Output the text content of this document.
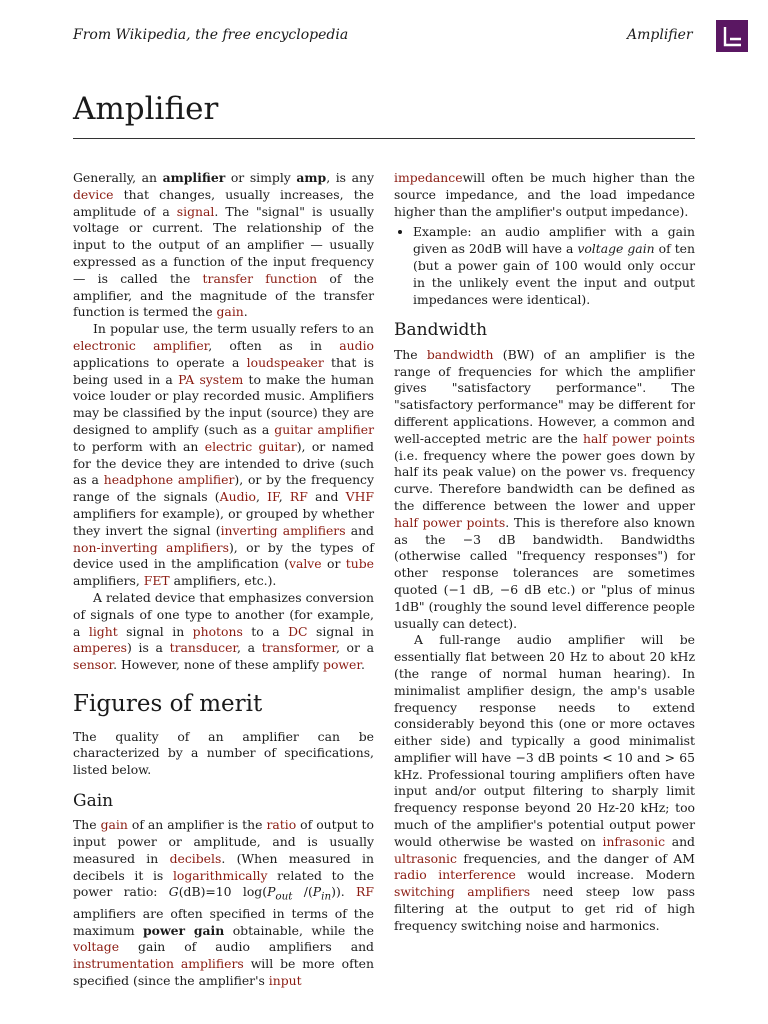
From Wikipedia, the free encyclopedia	Amplifier
Amplifier

Generally, an amplifier or simply amp, is any device that changes, usually increases, the amplitude of a signal. The "signal" is usually voltage or current. The relationship of the input to the output of an amplifier — usually expressed as a function of the input frequency — is called the transfer function of the amplifier, and the magnitude of the transfer function is termed the gain.

In popular use, the term usually refers to an electronic amplifier, often as in audio applications to operate a loudspeaker that is being used in a PA system to make the human voice louder or play recorded music. Amplifiers may be classified by the input (source) they are designed to amplify (such as a guitar amplifier to perform with an electric guitar), or named for the device they are intended to drive (such as a headphone amplifier), or by the frequency range of the signals (Audio, IF, RF and VHF amplifiers for example), or grouped by whether they invert the signal (inverting amplifiers and non-inverting amplifiers), or by the types of device used in the amplification (valve or tube amplifiers, FET amplifiers, etc.).

A related device that emphasizes conversion of signals of one type to another (for example, a light signal in photons to a DC signal in amperes) is a transducer, a transformer, or a sensor. However, none of these amplify power.

Figures of merit

The quality of an amplifier can be characterized by a number of specifications, listed below.

Gain

The gain of an amplifier is the ratio of output to input power or amplitude, and is usually measured in decibels. (When measured in decibels it is logarithmically related to the power ratio: G(dB)=10 $\log(P_{out}$ $/(P_{in})$). RF amplifiers are often specified in terms of the maximum power gain obtainable, while the voltage gain of audio amplifiers and instrumentation amplifiers will be more often specified (since the amplifier's input

impedancewill often be much higher than the source impedance, and the load impedance higher than the amplifier's output impedance).

• Example: an audio amplifier with a gain given as 20dB will have a voltage gain of ten (but a power gain of 100 would only occur in the unlikely event the input and output impedances were identical).
Bandwidth

The bandwidth (BW) of an amplifier is the range of frequencies for which the amplifier gives "satisfactory performance". The "satisfactory performance" may be different for different applications. However, a common and well-accepted metric are the half power points (i.e. frequency where the power goes down by half its peak value) on the power vs. frequency curve. Therefore bandwidth can be defined as the difference between the lower and upper half power points. This is therefore also known as the −3 dB bandwidth. Bandwidths (otherwise called "frequency responses") for other response tolerances are sometimes quoted (−1 dB, −6 dB etc.) or "plus of minus 1dB" (roughly the sound level difference people usually can detect).

A full-range audio amplifier will be essentially flat between 20 Hz to about 20 kHz (the range of normal human hearing). In minimalist amplifier design, the amp's usable frequency response needs to extend considerably beyond this (one or more octaves either side) and typically a good minimalist amplifier will have −3 dB points < 10 and > 65 kHz. Professional touring amplifiers often have input and/or output filtering to sharply limit frequency response beyond 20 Hz-20 kHz; too much of the amplifier's potential output power would otherwise be wasted on infrasonic and ultrasonic frequencies, and the danger of AM radio interference would increase. Modern switching amplifiers need steep low pass filtering at the output to get rid of high frequency switching noise and harmonics.
